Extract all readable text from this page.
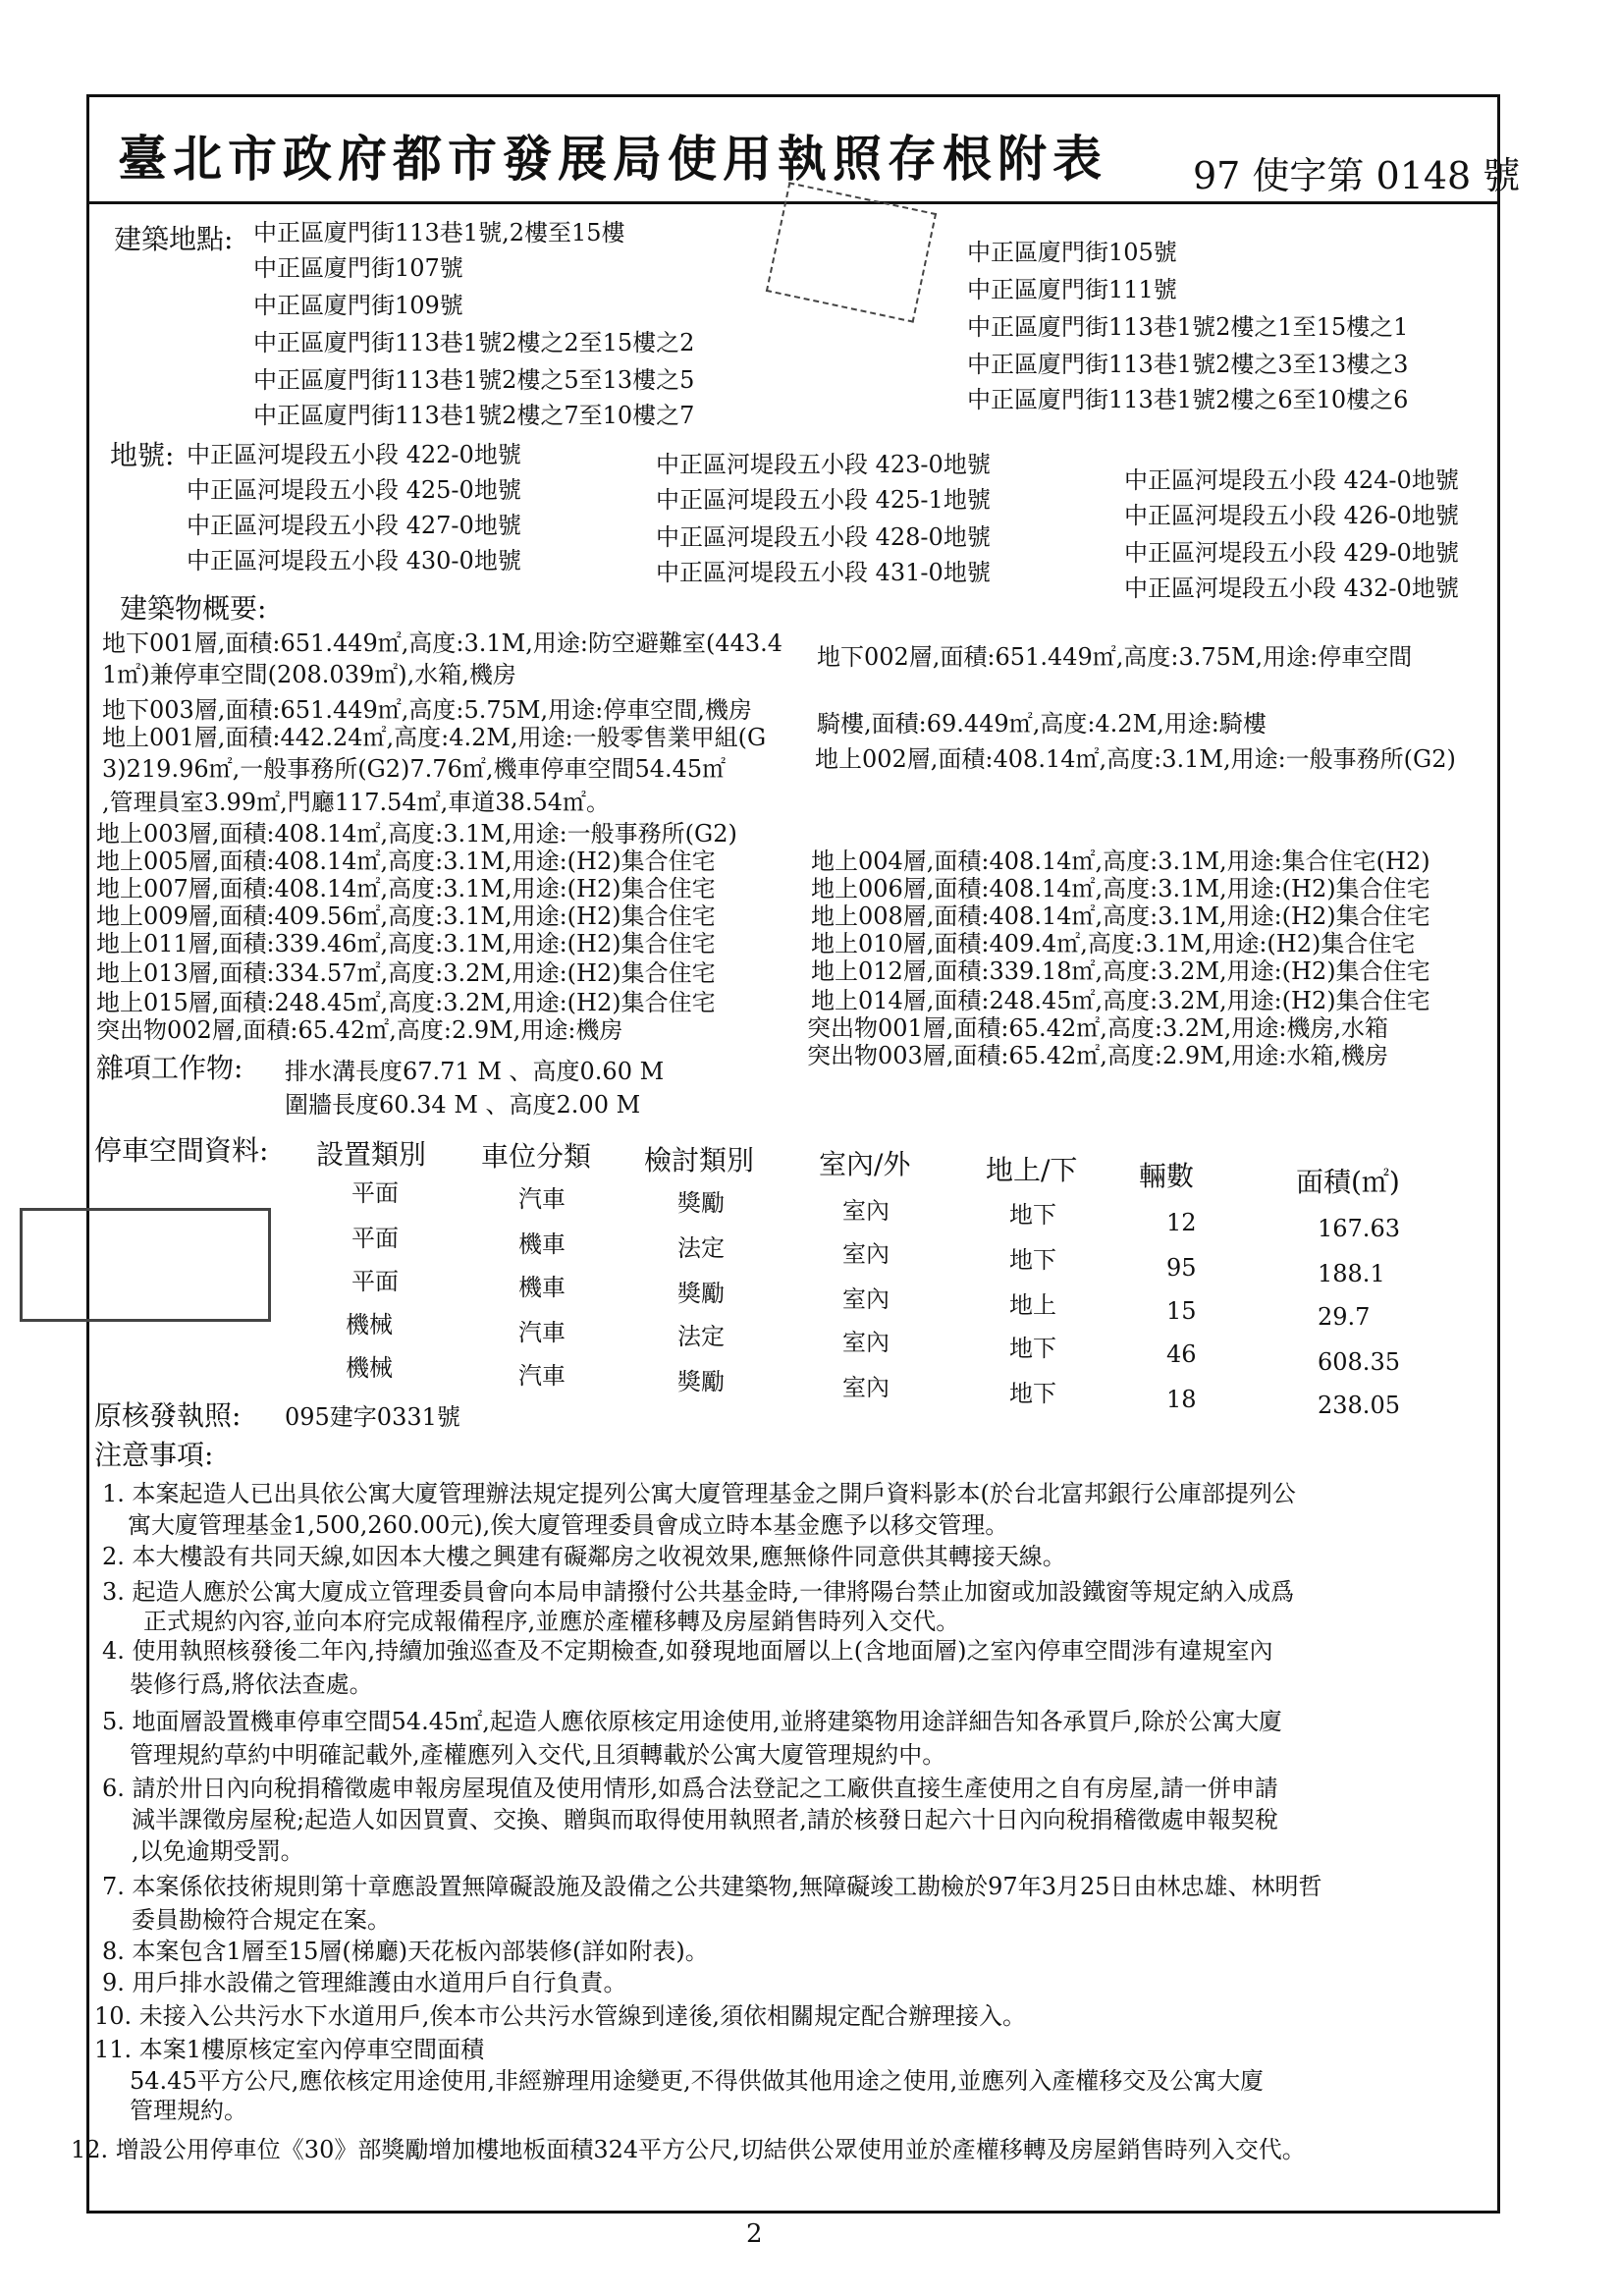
臺北市政府都市發展局使用執照存根附表 97 使字第 0148 號
建築地點: 中正區廈門街113巷1號,2樓至15樓
中正區廈門街107號
中正區廈門街109號
中正區廈門街113巷1號2樓之2至15樓之2
中正區廈門街113巷1號2樓之5至13樓之5
中正區廈門街113巷1號2樓之7至10樓之7
中正區廈門街105號
中正區廈門街111號
中正區廈門街113巷1號2樓之1至15樓之1
中正區廈門街113巷1號2樓之3至13樓之3
中正區廈門街113巷1號2樓之6至10樓之6
地號: 中正區河堤段五小段 422-0地號
中正區河堤段五小段 425-0地號
中正區河堤段五小段 427-0地號
中正區河堤段五小段 430-0地號
中正區河堤段五小段 423-0地號
中正區河堤段五小段 425-1地號
中正區河堤段五小段 428-0地號
中正區河堤段五小段 431-0地號
中正區河堤段五小段 424-0地號
中正區河堤段五小段 426-0地號
中正區河堤段五小段 429-0地號
中正區河堤段五小段 432-0地號
建築物概要:
地下001層,面積:651.449㎡,高度:3.1M,用途:防空避難室(443.4
1㎡)兼停車空間(208.039㎡),水箱,機房
地下002層,面積:651.449㎡,高度:3.75M,用途:停車空間
地下003層,面積:651.449㎡,高度:5.75M,用途:停車空間,機房	騎樓,面積:69.449㎡,高度:4.2M,用途:騎樓
地上001層,面積:442.24㎡,高度:4.2M,用途:一般零售業甲組(G
3)219.96㎡,一般事務所(G2)7.76㎡,機車停車空間54.45㎡
,管理員室3.99㎡,門廳117.54㎡,車道38.54㎡。
地上002層,面積:408.14㎡,高度:3.1M,用途:一般事務所(G2)
地上003層,面積:408.14㎡,高度:3.1M,用途:一般事務所(G2)
地上005層,面積:408.14㎡,高度:3.1M,用途:(H2)集合住宅
地上007層,面積:408.14㎡,高度:3.1M,用途:(H2)集合住宅
地上009層,面積:409.56㎡,高度:3.1M,用途:(H2)集合住宅
地上011層,面積:339.46㎡,高度:3.1M,用途:(H2)集合住宅
地上013層,面積:334.57㎡,高度:3.2M,用途:(H2)集合住宅
地上015層,面積:248.45㎡,高度:3.2M,用途:(H2)集合住宅
突出物002層,面積:65.42㎡,高度:2.9M,用途:機房
地上004層,面積:408.14㎡,高度:3.1M,用途:集合住宅(H2)
地上006層,面積:408.14㎡,高度:3.1M,用途:(H2)集合住宅
地上008層,面積:408.14㎡,高度:3.1M,用途:(H2)集合住宅
地上010層,面積:409.4㎡,高度:3.1M,用途:(H2)集合住宅
地上012層,面積:339.18㎡,高度:3.2M,用途:(H2)集合住宅
地上014層,面積:248.45㎡,高度:3.2M,用途:(H2)集合住宅
突出物001層,面積:65.42㎡,高度:3.2M,用途:機房,水箱
突出物003層,面積:65.42㎡,高度:2.9M,用途:水箱,機房
雜項工作物: 排水溝長度67.71 M 、高度0.60 M
圍牆長度60.34 M 、高度2.00 M
停車空間資料: 設置類別 車位分類 檢討類別 室內/外	地上/下 輛數	面積(㎡)
平面	汽車	獎勵	室內	地下	12	167.63
平面	機車	法定	室內	地下	95	188.1
平面	機車	獎勵	室內	地上	15	29.7
機械	汽車	法定	室內	地下	46	608.35
機械	汽車	獎勵	室內	地下	18	238.05
原核發執照: 095建字0331號
注意事項:
1. 本案起造人已出具依公寓大廈管理辦法規定提列公寓大廈管理基金之開戶資料影本(於台北富邦銀行公庫部提列公
寓大廈管理基金1,500,260.00元),俟大廈管理委員會成立時本基金應予以移交管理。
2. 本大樓設有共同天線,如因本大樓之興建有礙鄰房之收視效果,應無條件同意供其轉接天線。
3. 起造人應於公寓大廈成立管理委員會向本局申請撥付公共基金時,一律將陽台禁止加窗或加設鐵窗等規定納入成爲
正式規約內容,並向本府完成報備程序,並應於產權移轉及房屋銷售時列入交代。
4. 使用執照核發後二年內,持續加強巡查及不定期檢查,如發現地面層以上(含地面層)之室內停車空間涉有違規室內
裝修行爲,將依法查處。
5. 地面層設置機車停車空間54.45㎡,起造人應依原核定用途使用,並將建築物用途詳細告知各承買戶,除於公寓大廈
管理規約草約中明確記載外,產權應列入交代,且須轉載於公寓大廈管理規約中。
6. 請於卅日內向稅捐稽徵處申報房屋現值及使用情形,如爲合法登記之工廠供直接生產使用之自有房屋,請一併申請
減半課徵房屋稅;起造人如因買賣、交換、贈與而取得使用執照者,請於核發日起六十日內向稅捐稽徵處申報契稅
,以免逾期受罰。
7. 本案係依技術規則第十章應設置無障礙設施及設備之公共建築物,無障礙竣工勘檢於97年3月25日由林忠雄、林明哲
委員勘檢符合規定在案。
8. 本案包含1層至15層(梯廳)天花板內部裝修(詳如附表)。
9. 用戶排水設備之管理維護由水道用戶自行負責。
10. 未接入公共污水下水道用戶,俟本市公共污水管線到達後,須依相關規定配合辦理接入。
11. 本案1樓原核定室內停車空間面積
54.45平方公尺,應依核定用途使用,非經辦理用途變更,不得供做其他用途之使用,並應列入產權移交及公寓大廈
管理規約。
12. 增設公用停車位《30》部獎勵增加樓地板面積324平方公尺,切結供公眾使用並於產權移轉及房屋銷售時列入交代。
2
